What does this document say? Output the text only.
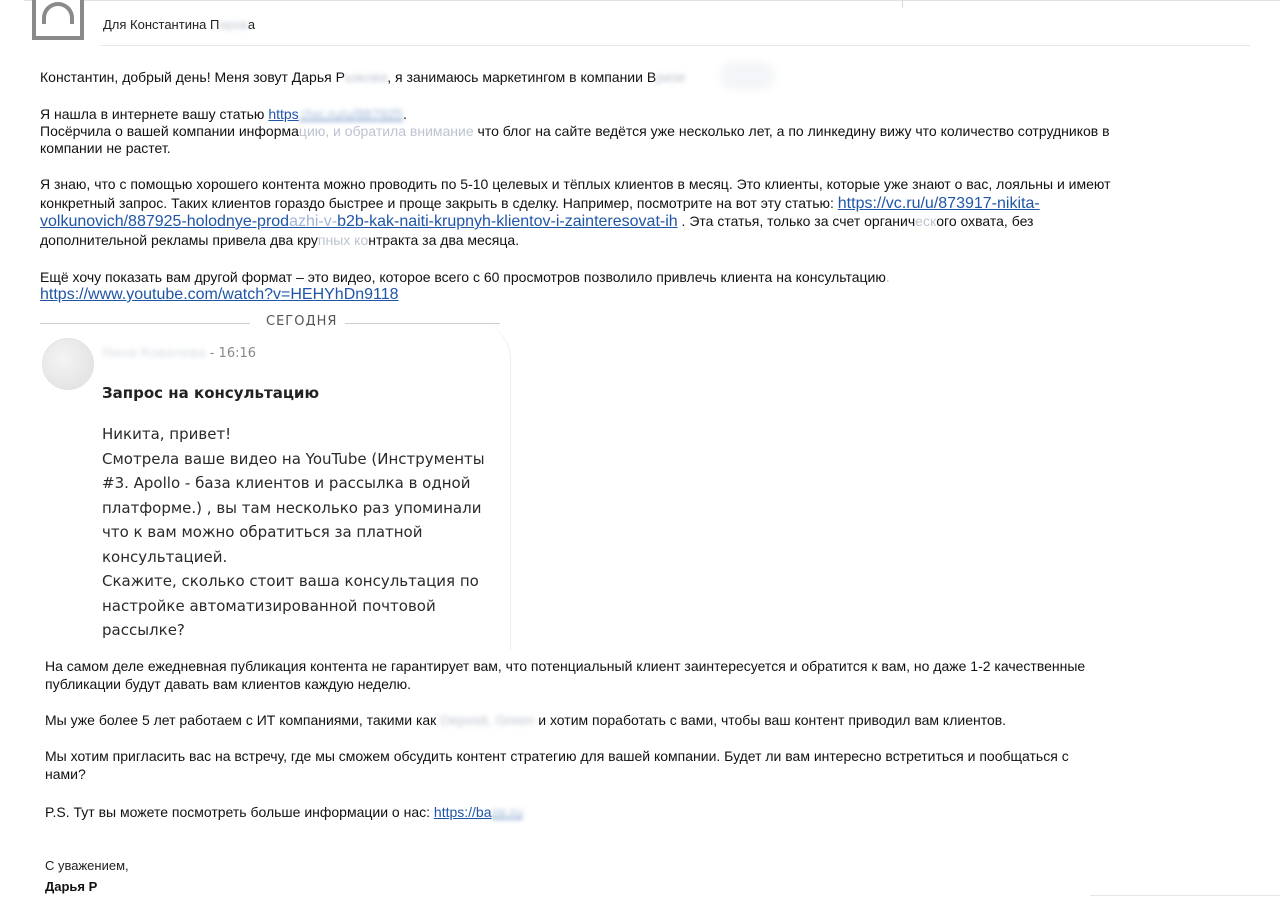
Для Константина Пирова
Константин, добрый день! Меня зовут Дарья Рыжова, я занимаюсь маркетингом в компании Вризе
Я нашла в интернете вашу статью https://vc.ru/u/887925.
Посёрчила о вашей компании информацию, и обратила внимание что блог на сайте ведётся уже несколько лет, а по линкедину вижу что количество сотрудников в
компании не растет.
Я знаю, что с помощью хорошего контента можно проводить по 5-10 целевых и тёплых клиентов в месяц. Это клиенты, которые уже знают о вас, лояльны и имеют
конкретный запрос. Таких клиентов гораздо быстрее и проще закрыть в сделку. Например, посмотрите на вот эту статью: https://vc.ru/u/873917-nikita-
volkunovich/887925-holodnye-prodazhi-v-b2b-kak-naiti-krupnyh-klientov-i-zainteresovat-ih . Эта статья, только за счет органического охвата, без
дополнительной рекламы привела два крупных контракта за два месяца.
Ещё хочу показать вам другой формат – это видео, которое всего с 60 просмотров позволило привлечь клиента на консультацию.
https://www.youtube.com/watch?v=HEHYhDn9118
СЕГОДНЯ
Нина Ковалева - 16:16
Запрос на консультацию
Никита, привет!
Смотрела ваше видео на YouTube (Инструменты
#3. Apollo - база клиентов и рассылка в одной
платформе.) , вы там несколько раз упоминали
что к вам можно обратиться за платной
консультацией.
Скажите, сколько стоит ваша консультация по
настройке автоматизированной почтовой
рассылке?
На самом деле ежедневная публикация контента не гарантирует вам, что потенциальный клиент заинтересуется и обратится к вам, но даже 1-2 качественные
публикации будут давать вам клиентов каждую неделю.
Мы уже более 5 лет работаем с ИТ компаниями, такими как Deposit, Green и хотим поработать с вами, чтобы ваш контент приводил вам клиентов.
Мы хотим пригласить вас на встречу, где мы сможем обсудить контент стратегию для вашей компании. Будет ли вам интересно встретиться и пообщаться с
нами?
P.S. Тут вы можете посмотреть больше информации о нас: https://baze.ru
С уважением,
Дарья Р
